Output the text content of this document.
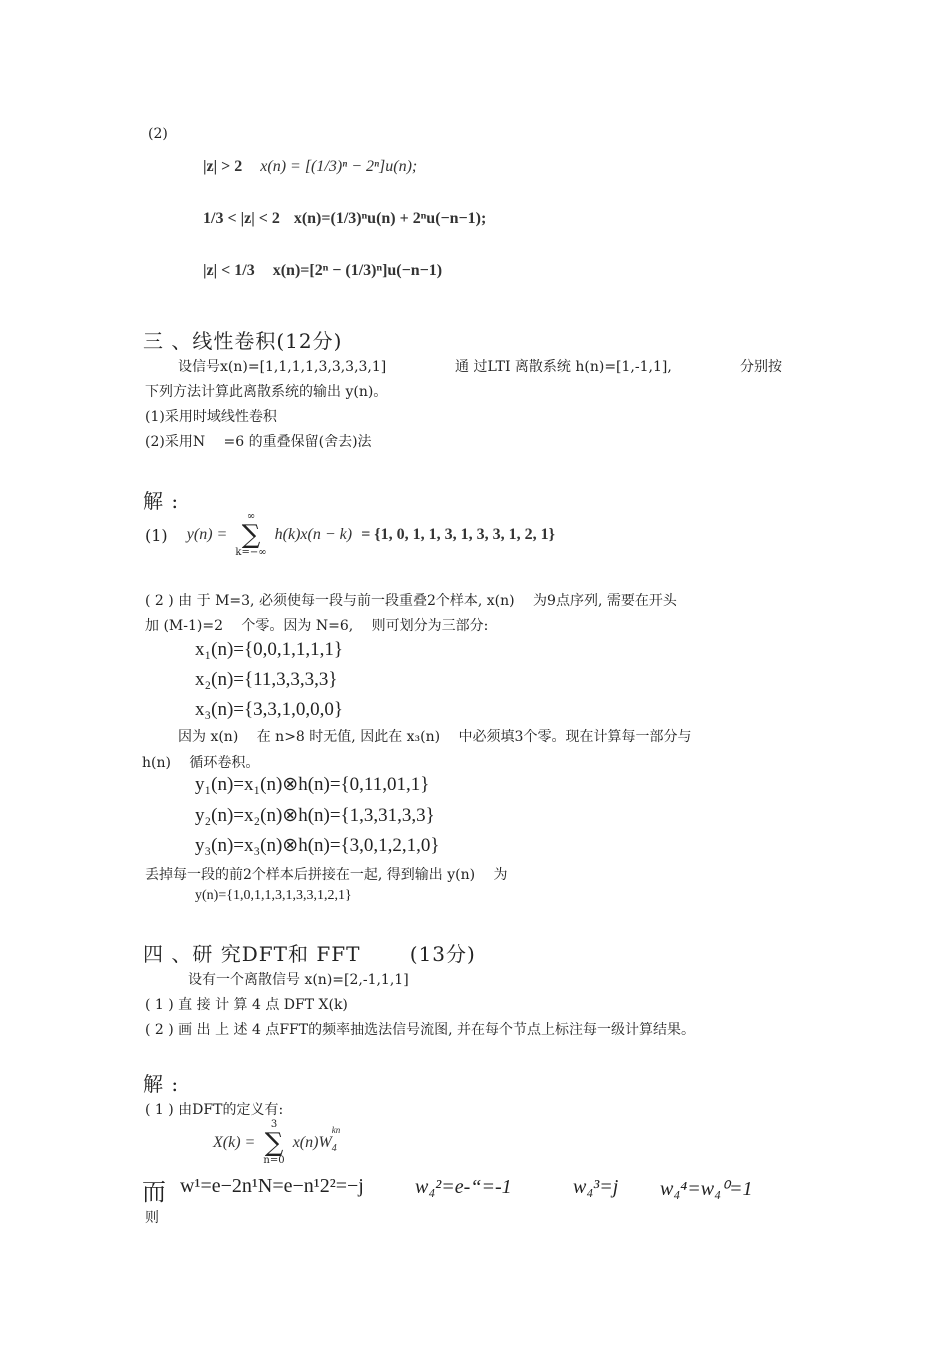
(2)
|z| > 2 x(n) = [(1/3)ⁿ − 2ⁿ]u(n);
1/3 < |z| < 2 x(n)=(1/3)ⁿu(n) + 2ⁿu(−n−1);
|z| < 1/3 x(n)=[2ⁿ − (1/3)ⁿ]u(−n−1)
三 、线性卷积(12分)
设信号x(n)=[1,1,1,1,3,3,3,3,1]	通 过LTI 离散系统 h(n)=[1,-1,1],	分别按
下列方法计算此离散系统的输出 y(n)。
(1)采用时域线性卷积
(2)采用N  =6 的重叠保留(舍去)法
解 :
(1) y(n) =
∞
∑
k=−∞
h(k)x(n − k) = {1, 0, 1, 1, 3, 1, 3, 3, 1, 2, 1}
( 2 ) 由 于 M=3, 必须使每一段与前一段重叠2个样本, x(n)  为9点序列, 需要在开头
加 (M-1)=2  个零。因为 N=6,  则可划分为三部分:
x₁(n)={0,0,1,1,1,1}
x₂(n)={11,3,3,3,3}
x₃(n)={3,3,1,0,0,0}
因为 x(n)  在 n>8 时无值, 因此在 x₃(n)  中必须填3个零。现在计算每一部分与
h(n)  循环卷积。
y₁(n)=x₁(n)⊗h(n)={0,11,01,1}
y₂(n)=x₂(n)⊗h(n)={1,3,31,3,3}
y₃(n)=x₃(n)⊗h(n)={3,0,1,2,1,0}
丢掉每一段的前2个样本后拼接在一起, 得到输出 y(n)  为
y(n)={1,0,1,1,3,1,3,3,1,2,1}
四 、研 究DFT和 FFT   (13分)
设有一个离散信号 x(n)=[2,-1,1,1]
( 1 ) 直 接 计 算 4 点 DFT X(k)
( 2 ) 画 出 上 述 4 点FFT的频率抽选法信号流图, 并在每个节点上标注每一级计算结果。
解 :
( 1 ) 由DFT的定义有:
X(k) =
3
∑
n=0
x(n)W
kn
4
而 w¹=e−2n¹N=e−n¹2²=−j	w₄²=e-“=-1	w₄³=j w₄⁴=w₄⁰=1
则
